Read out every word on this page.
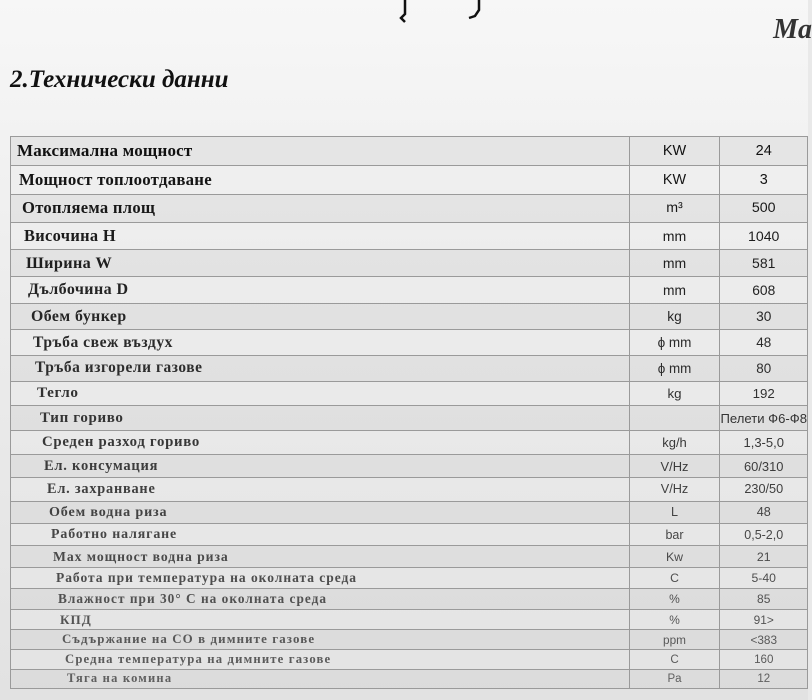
Ma
2.Технически данни
Максимална мощност	KW	24
Мощност топлоотдаване	KW	3
Отопляема площ	m³	500
Височина H	mm	1040
Ширина W	mm	581
Дълбочина D	mm	608
Обем бункер	kg	30
Тръба свеж въздух	ϕ mm	48
Тръба изгорели газове	ϕ mm	80
Тегло	kg	192
Тип гориво		Пелети Ф6-Ф8
Среден разход гориво	kg/h	1,3-5,0
Ел. консумация	V/Hz	60/310
Ел. захранване	V/Hz	230/50
Обем водна риза	L	48
Работно налягане	bar	0,5-2,0
Max мощност водна риза	Kw	21
Работа при температура на околната среда	C	5-40
Влажност при 30° C на околната среда	%	85
КПД	%	91>
Съдържание на CO в димните газове	ppm	<383
Средна температура на димните газове	C	160
Тяга на комина	Pa	12
